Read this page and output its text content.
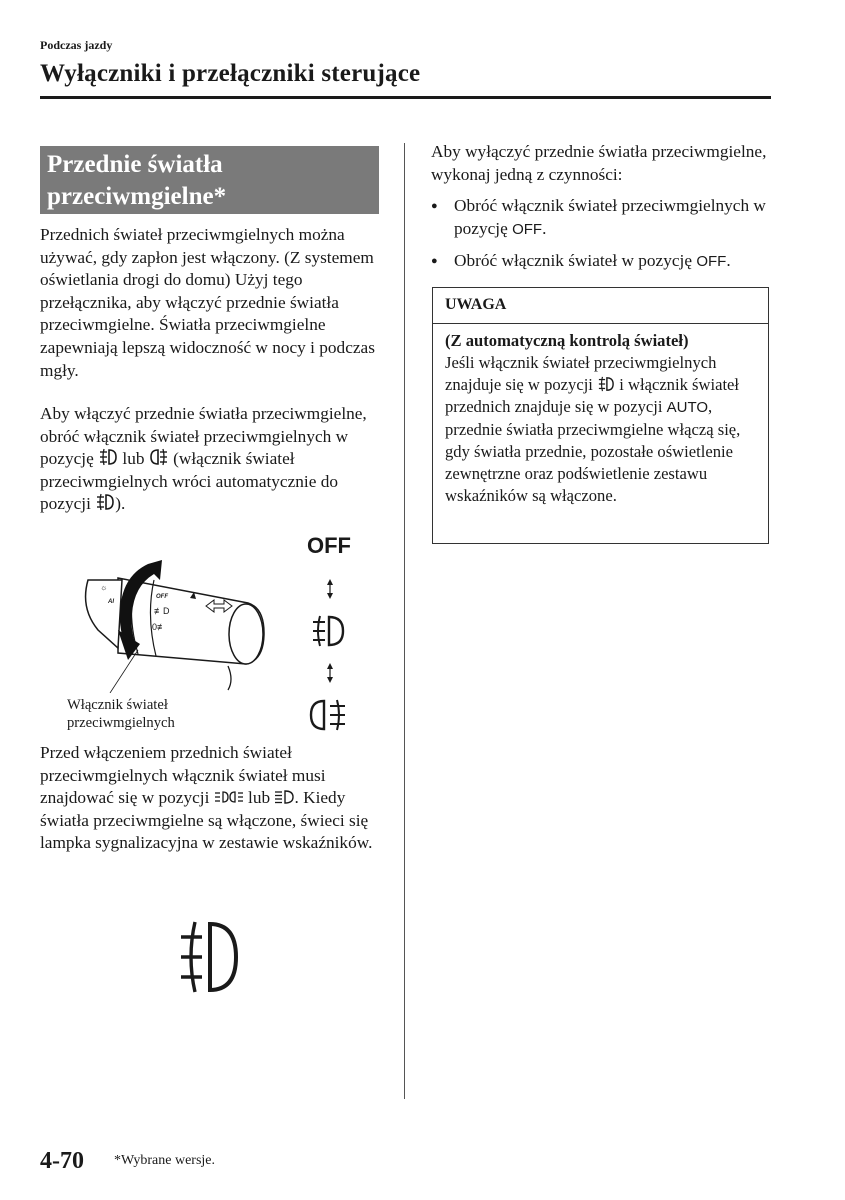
Podczas jazdy
Wyłączniki i przełączniki sterujące
Przednie światła
przeciwmgielne*
Przednich świateł przeciwmgielnych można używać, gdy zapłon jest włączony. (Z systemem oświetlania drogi do domu) Użyj tego przełącznika, aby włączyć przednie światła przeciwmgielne. Światła przeciwmgielne zapewniają lepszą widoczność w nocy i podczas mgły.
Aby włączyć przednie światła przeciwmgielne, obróć włącznik świateł przeciwmgielnych w pozycję lub (włącznik świateł przeciwmgielnych wróci automatycznie do pozycji ).
☼
AI
OFF
≢D
0≢
OFF
Włącznik świateł
przeciwmgielnych
Przed włączeniem przednich świateł przeciwmgielnych włącznik świateł musi znajdować się w pozycji lub . Kiedy światła przeciwmgielne są włączone, świeci się lampka sygnalizacyjna w zestawie wskaźników.
Aby wyłączyć przednie światła przeciwmgielne, wykonaj jedną z czynności:
● Obróć włącznik świateł przeciwmgielnych w pozycję OFF.
● Obróć włącznik świateł w pozycję OFF.
UWAGA
(Z automatyczną kontrolą świateł)
Jeśli włącznik świateł przeciwmgielnych znajduje się w pozycji i włącznik świateł przednich znajduje się w pozycji AUTO, przednie światła przeciwmgielne włączą się, gdy światła przednie, pozostałe oświetlenie zewnętrzne oraz podświetlenie zestawu wskaźników są włączone.
4-70 *Wybrane wersje.
